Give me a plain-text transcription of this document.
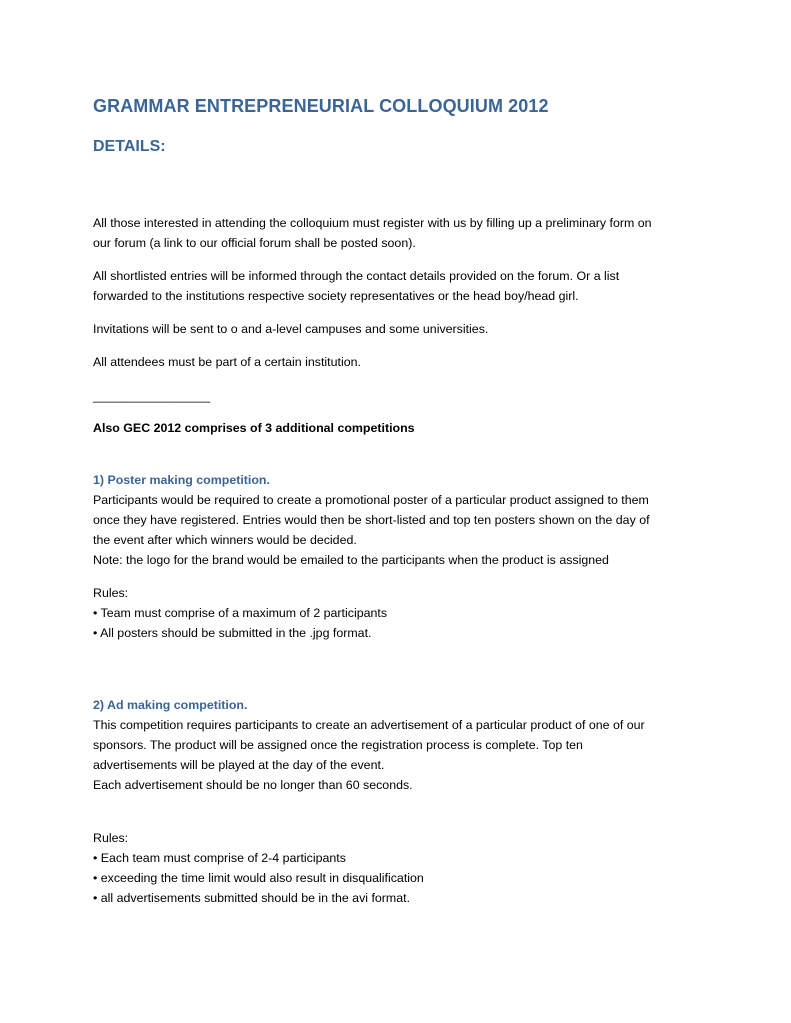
GRAMMAR ENTREPRENEURIAL COLLOQUIUM 2012
DETAILS:
All those interested in attending the colloquium must register with us by filling up a preliminary form on
our forum (a link to our official forum shall be posted soon).
All shortlisted entries will be informed through the contact details provided on the forum. Or a list
forwarded to the institutions respective society representatives or the head boy/head girl.
Invitations will be sent to o and a-level campuses and some universities.
All attendees must be part of a certain institution.
_________________
Also GEC 2012 comprises of 3 additional competitions
1) Poster making competition.
Participants would be required to create a promotional poster of a particular product assigned to them
once they have registered. Entries would then be short-listed and top ten posters shown on the day of
the event after which winners would be decided.
Note: the logo for the brand would be emailed to the participants when the product is assigned
Rules:
• Team must comprise of a maximum of 2 participants
• All posters should be submitted in the .jpg format.
2) Ad making competition.
This competition requires participants to create an advertisement of a particular product of one of our
sponsors. The product will be assigned once the registration process is complete. Top ten
advertisements will be played at the day of the event.
Each advertisement should be no longer than 60 seconds.
Rules:
• Each team must comprise of 2-4 participants
• exceeding the time limit would also result in disqualification
• all advertisements submitted should be in the avi format.
